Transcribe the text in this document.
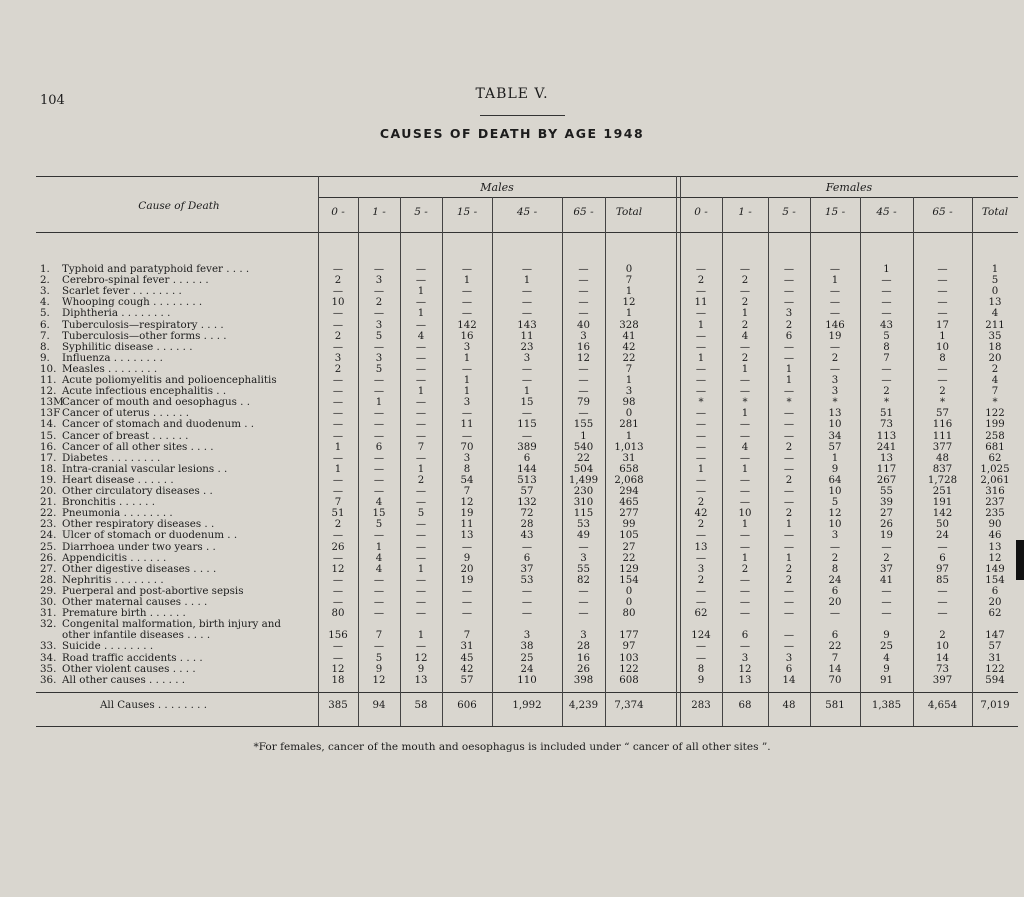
104	TABLE V.
CAUSES OF DEATH BY AGE 1948
Cause of Death
Males	Females
0 -	0 -
1 -	1 -
5 -	5 -
15 -	15 -
45 -	45 -
65 -	65 -
Total	Total
1. Typhoid and paratyphoid fever . . . .	—	—	—	—	—	—	0	—	—	—	—	1	—	1
2. Cerebro-spinal fever . . . . . .	2	3	—	1	1	—	7	2	2	—	1	—	—	5
3. Scarlet fever . . . . . . . .	—	—	1	—	—	—	1	—	—	—	—	—	—	0
4. Whooping cough . . . . . . . .	10	2	—	—	—	—	12	11	2	—	—	—	—	13
5. Diphtheria . . . . . . . .	—	—	1	—	—	—	1	—	1	3	—	—	—	4
6. Tuberculosis—respiratory . . . .	—	3	—	142	143	40	328	1	2	2	146	43	17	211
7. Tuberculosis—other forms . . . .	2	5	4	16	11	3	41	—	4	6	19	5	1	35
8. Syphilitic disease . . . . . .	—	—	—	3	23	16	42	—	—	—	—	8	10	18
9. Influenza . . . . . . . .	3	3	—	1	3	12	22	1	2	—	2	7	8	20
10. Measles . . . . . . . .	2	5	—	—	—	—	7	—	1	1	—	—	—	2
11. Acute poliomyelitis and polioencephalitis	—	—	—	1	—	—	1	—	—	1	3	—	—	4
12. Acute infectious encephalitis . .	—	—	1	1	1	—	3	—	—	—	3	2	2	7
13MCancer of mouth and oesophagus . .	—	1	—	3	15	79	98	*	*	*	*	*	*	*
13F Cancer of uterus . . . . . .	—	—	—	—	—	—	0	—	1	—	13	51	57	122
14. Cancer of stomach and duodenum . .	—	—	—	11	115	155	281	—	—	—	10	73	116	199
15. Cancer of breast . . . . . .	—	—	—	—	—	1	1	—	—	—	34	113	111	258
16. Cancer of all other sites . . . .	1	6	7	70	389	540	1,013	—	4	2	57	241	377	681
17. Diabetes . . . . . . . .	—	—	—	3	6	22	31	—	—	—	1	13	48	62
18. Intra-cranial vascular lesions . .	1	—	1	8	144	504	658	1	1	—	9	117	837	1,025
19. Heart disease . . . . . .	—	—	2	54	513	1,499	2,068	—	—	2	64	267	1,728	2,061
20. Other circulatory diseases . .	—	—	—	7	57	230	294	—	—	—	10	55	251	316
21. Bronchitis . . . . . .	7	4	—	12	132	310	465	2	—	—	5	39	191	237
22. Pneumonia . . . . . . . .	51	15	5	19	72	115	277	42	10	2	12	27	142	235
23. Other respiratory diseases . .	2	5	—	11	28	53	99	2	1	1	10	26	50	90
24. Ulcer of stomach or duodenum . .	—	—	—	13	43	49	105	—	—	—	3	19	24	46
25. Diarrhoea under two years . .	26	1	—	—	—	—	27	13	—	—	—	—	—	13
26. Appendicitis . . . . . .	—	4	—	9	6	3	22	—	1	1	2	2	6	12
27. Other digestive diseases . . . .	12	4	1	20	37	55	129	3	2	2	8	37	97	149
28. Nephritis . . . . . . . .	—	—	—	19	53	82	154	2	—	2	24	41	85	154
29. Puerperal and post-abortive sepsis	—	—	—	—	—	—	0	—	—	—	6	—	—	6
30. Other maternal causes . . . .	—	—	—	—	—	—	0	—	—	—	20	—	—	20
31. Premature birth . . . . . .	80	—	—	—	—	—	80	62	—	—	—	—	—	62
32. Congenital malformation, birth injury and
other infantile diseases . . . .	156	7	1	7	3	3	177	124	6	—	6	9	2	147
33. Suicide . . . . . . . .	—	—	—	31	38	28	97	—	—	—	22	25	10	57
34. Road traffic accidents . . . .	—	5	12	45	25	16	103	—	3	3	7	4	14	31
35. Other violent causes . . . .	12	9	9	42	24	26	122	8	12	6	14	9	73	122
36. All other causes . . . . . .	18	12	13	57	110	398	608	9	13	14	70	91	397	594
All Causes . . . . . . . .	385	94	58	606	1,992	4,239	7,374	283	68	48	581	1,385	4,654	7,019
*For females, cancer of the mouth and oesophagus is included under “ cancer of all other sites ”.
